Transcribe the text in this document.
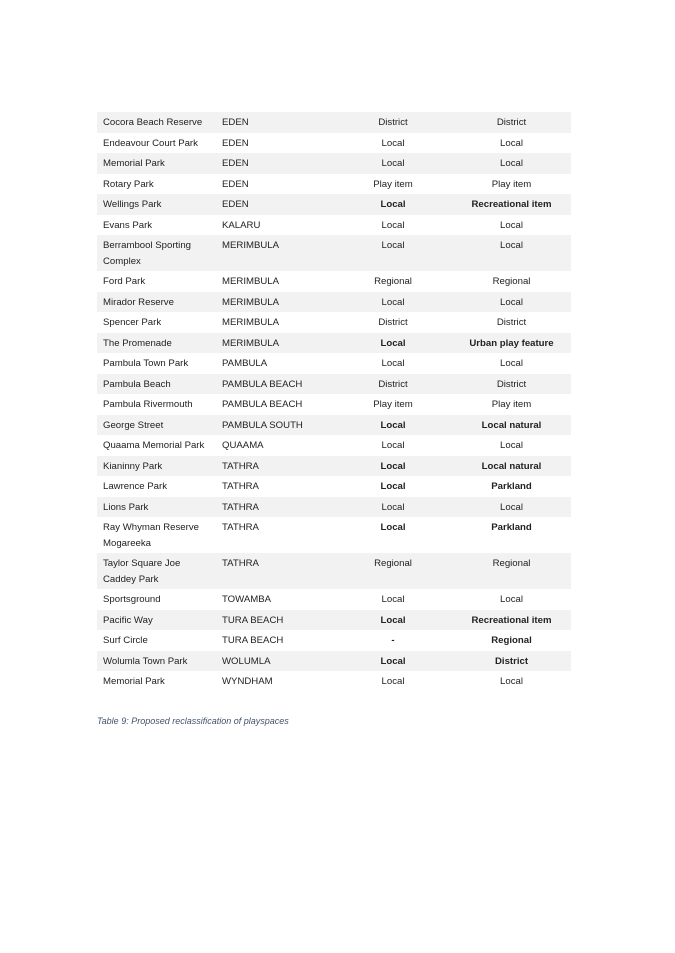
Cocora Beach Reserve	EDEN	District	District
Endeavour Court Park	EDEN	Local	Local
Memorial Park	EDEN	Local	Local
Rotary Park	EDEN	Play item	Play item
Wellings Park	EDEN	Local	Recreational item
Evans Park	KALARU	Local	Local
Berrambool Sporting Complex	MERIMBULA	Local	Local
Ford Park	MERIMBULA	Regional	Regional
Mirador Reserve	MERIMBULA	Local	Local
Spencer Park	MERIMBULA	District	District
The Promenade	MERIMBULA	Local	Urban play feature
Pambula Town Park	PAMBULA	Local	Local
Pambula Beach	PAMBULA BEACH	District	District
Pambula Rivermouth	PAMBULA BEACH	Play item	Play item
George Street	PAMBULA SOUTH	Local	Local natural
Quaama Memorial Park	QUAAMA	Local	Local
Kianinny Park	TATHRA	Local	Local natural
Lawrence Park	TATHRA	Local	Parkland
Lions Park	TATHRA	Local	Local
Ray Whyman Reserve Mogareeka	TATHRA	Local	Parkland
Taylor Square Joe Caddey Park	TATHRA	Regional	Regional
Sportsground	TOWAMBA	Local	Local
Pacific Way	TURA BEACH	Local	Recreational item
Surf Circle	TURA BEACH	-	Regional
Wolumla Town Park	WOLUMLA	Local	District
Memorial Park	WYNDHAM	Local	Local
Table 9: Proposed reclassification of playspaces
